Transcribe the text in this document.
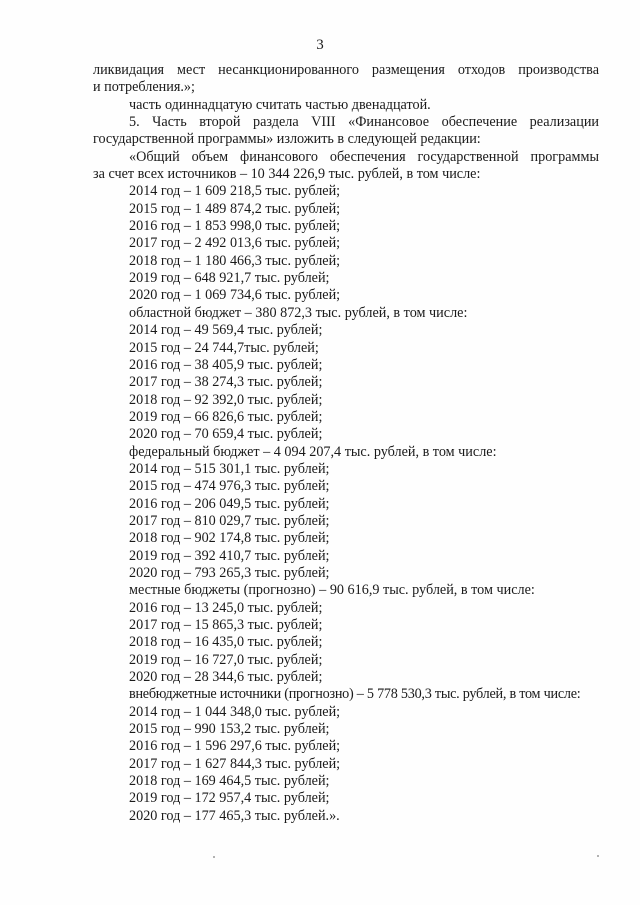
3
ликвидация мест несанкционированного размещения отходов производства
и потребления.»;
часть одиннадцатую считать частью двенадцатой.
5. Часть второй раздела VIII «Финансовое обеспечение реализации
государственной программы» изложить в следующей редакции:
«Общий объем финансового обеспечения государственной программы
за счет всех источников – 10 344 226,9 тыс. рублей, в том числе:
2014 год – 1 609 218,5 тыс. рублей;
2015 год – 1 489 874,2 тыс. рублей;
2016 год – 1 853 998,0 тыс. рублей;
2017 год – 2 492 013,6 тыс. рублей;
2018 год – 1 180 466,3 тыс. рублей;
2019 год – 648 921,7 тыс. рублей;
2020 год – 1 069 734,6 тыс. рублей;
областной бюджет – 380 872,3 тыс. рублей, в том числе:
2014 год – 49 569,4 тыс. рублей;
2015 год – 24 744,7тыс. рублей;
2016 год – 38 405,9 тыс. рублей;
2017 год – 38 274,3 тыс. рублей;
2018 год – 92 392,0 тыс. рублей;
2019 год – 66 826,6 тыс. рублей;
2020 год – 70 659,4 тыс. рублей;
федеральный бюджет – 4 094 207,4 тыс. рублей, в том числе:
2014 год – 515 301,1 тыс. рублей;
2015 год – 474 976,3 тыс. рублей;
2016 год – 206 049,5 тыс. рублей;
2017 год – 810 029,7 тыс. рублей;
2018 год – 902 174,8 тыс. рублей;
2019 год – 392 410,7 тыс. рублей;
2020 год – 793 265,3 тыс. рублей;
местные бюджеты (прогнозно) – 90 616,9 тыс. рублей, в том числе:
2016 год – 13 245,0 тыс. рублей;
2017 год – 15 865,3 тыс. рублей;
2018 год – 16 435,0 тыс. рублей;
2019 год – 16 727,0 тыс. рублей;
2020 год – 28 344,6 тыс. рублей;
внебюджетные источники (прогнозно) – 5 778 530,3 тыс. рублей, в том числе:
2014 год – 1 044 348,0 тыс. рублей;
2015 год – 990 153,2 тыс. рублей;
2016 год – 1 596 297,6 тыс. рублей;
2017 год – 1 627 844,3 тыс. рублей;
2018 год – 169 464,5 тыс. рублей;
2019 год – 172 957,4 тыс. рублей;
2020 год – 177 465,3 тыс. рублей.».
